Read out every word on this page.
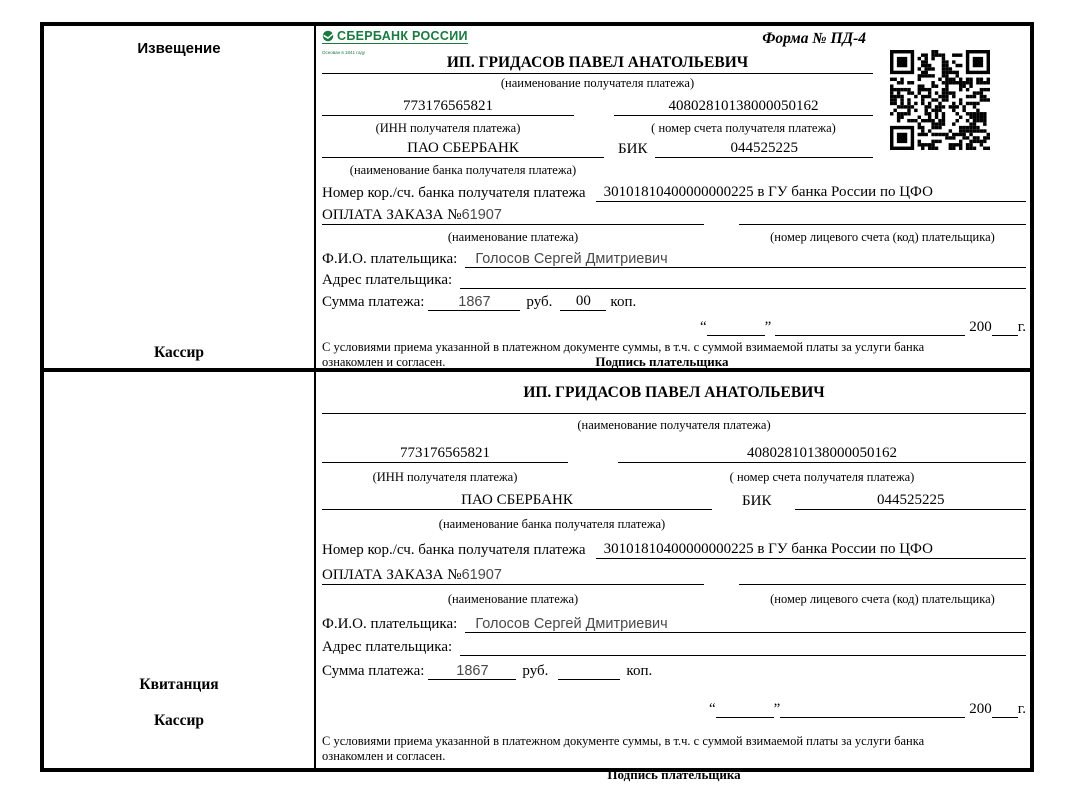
Извещение
Кассир
СБЕРБАНК РОССИИ
Основан в 1841 году
Форма № ПД-4
ИП. ГРИДАСОВ ПАВЕЛ АНАТОЛЬЕВИЧ
(наименование получателя платежа)
773176565821	40802810138000050162
(ИНН получателя платежа)	( номер счета получателя платежа)
ПАО СБЕРБАНК	БИК	044525225
(наименование банка получателя платежа)
Номер кор./сч. банка получателя платежа	30101810400000000225 в ГУ банка России по ЦФО
ОПЛАТА ЗАКАЗА №61907
(наименование платежа)	(номер лицевого счета (код) плательщика)
Ф.И.О. плательщика:	Голосов Сергей Дмитриевич
Адрес плательщика:
Сумма платежа:	1867	руб.	00	коп.
“	”	200 г.
С условиями приема указанной в платежном документе суммы, в т.ч. с суммой взимаемой платы за услуги банка
ознакомлен и согласен.	Подпись плательщика
Квитанция
Кассир
ИП. ГРИДАСОВ ПАВЕЛ АНАТОЛЬЕВИЧ
(наименование получателя платежа)
773176565821	40802810138000050162
(ИНН получателя платежа)	( номер счета получателя платежа)
ПАО СБЕРБАНК	БИК	044525225
(наименование банка получателя платежа)
Номер кор./сч. банка получателя платежа	30101810400000000225 в ГУ банка России по ЦФО
ОПЛАТА ЗАКАЗА №61907
(наименование платежа)	(номер лицевого счета (код) плательщика)
Ф.И.О. плательщика:	Голосов Сергей Дмитриевич
Адрес плательщика:
Сумма платежа:	1867	руб.	коп.
“	”	200 г.
С условиями приема указанной в платежном документе суммы, в т.ч. с суммой взимаемой платы за услуги банка
ознакомлен и согласен.
Подпись плательщика
